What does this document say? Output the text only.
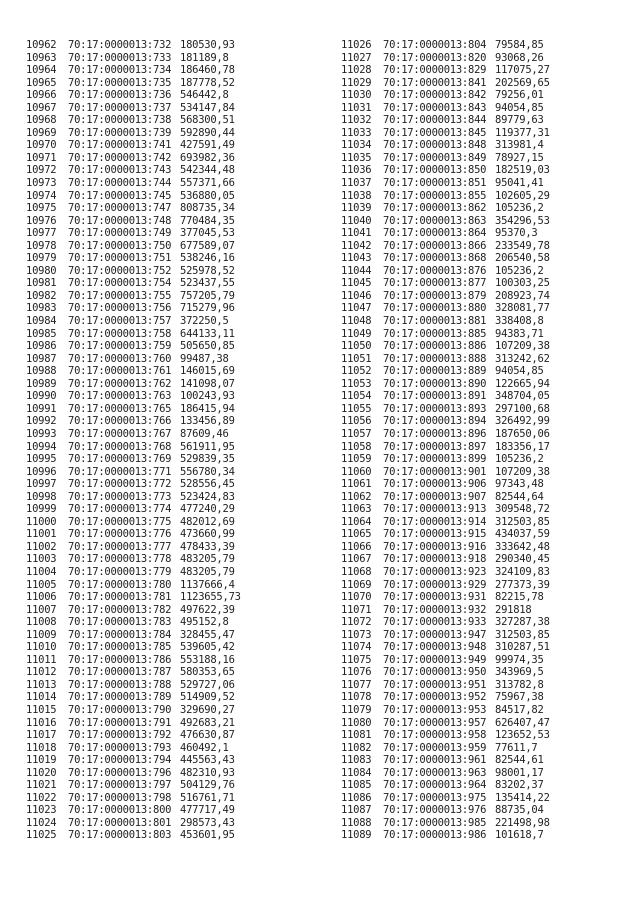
10962 70:17:0000013:732 180530,93
10963 70:17:0000013:733 181189,8
10964 70:17:0000013:734 186460,78
10965 70:17:0000013:735 187778,52
10966 70:17:0000013:736 546442,8
10967 70:17:0000013:737 534147,84
10968 70:17:0000013:738 568300,51
10969 70:17:0000013:739 592890,44
10970 70:17:0000013:741 427591,49
10971 70:17:0000013:742 693982,36
10972 70:17:0000013:743 542344,48
10973 70:17:0000013:744 557371,66
10974 70:17:0000013:745 536880,05
10975 70:17:0000013:747 808735,34
10976 70:17:0000013:748 770484,35
10977 70:17:0000013:749 377045,53
10978 70:17:0000013:750 677589,07
10979 70:17:0000013:751 538246,16
10980 70:17:0000013:752 525978,52
10981 70:17:0000013:754 523437,55
10982 70:17:0000013:755 757205,79
10983 70:17:0000013:756 715279,96
10984 70:17:0000013:757 372250,5
10985 70:17:0000013:758 644133,11
10986 70:17:0000013:759 505650,85
10987 70:17:0000013:760 99487,38
10988 70:17:0000013:761 146015,69
10989 70:17:0000013:762 141098,07
10990 70:17:0000013:763 100243,93
10991 70:17:0000013:765 186415,94
10992 70:17:0000013:766 133456,89
10993 70:17:0000013:767 87609,46
10994 70:17:0000013:768 561911,95
10995 70:17:0000013:769 529839,35
10996 70:17:0000013:771 556780,34
10997 70:17:0000013:772 528556,45
10998 70:17:0000013:773 523424,83
10999 70:17:0000013:774 477240,29
11000 70:17:0000013:775 482012,69
11001 70:17:0000013:776 473660,99
11002 70:17:0000013:777 478433,39
11003 70:17:0000013:778 483205,79
11004 70:17:0000013:779 483205,79
11005 70:17:0000013:780 1137666,4
11006 70:17:0000013:781 1123655,73
11007 70:17:0000013:782 497622,39
11008 70:17:0000013:783 495152,8
11009 70:17:0000013:784 328455,47
11010 70:17:0000013:785 539605,42
11011 70:17:0000013:786 553188,16
11012 70:17:0000013:787 580353,65
11013 70:17:0000013:788 529727,06
11014 70:17:0000013:789 514909,52
11015 70:17:0000013:790 329690,27
11016 70:17:0000013:791 492683,21
11017 70:17:0000013:792 476630,87
11018 70:17:0000013:793 460492,1
11019 70:17:0000013:794 445563,43
11020 70:17:0000013:796 482310,93
11021 70:17:0000013:797 504129,76
11022 70:17:0000013:798 516761,71
11023 70:17:0000013:800 477717,49
11024 70:17:0000013:801 298573,43
11025 70:17:0000013:803 453601,95
11026 70:17:0000013:804 79584,85
11027 70:17:0000013:820 93068,26
11028 70:17:0000013:829 117075,27
11029 70:17:0000013:841 202569,65
11030 70:17:0000013:842 79256,01
11031 70:17:0000013:843 94054,85
11032 70:17:0000013:844 89779,63
11033 70:17:0000013:845 119377,31
11034 70:17:0000013:848 313981,4
11035 70:17:0000013:849 78927,15
11036 70:17:0000013:850 182519,03
11037 70:17:0000013:851 95041,41
11038 70:17:0000013:855 102605,29
11039 70:17:0000013:862 105236,2
11040 70:17:0000013:863 354296,53
11041 70:17:0000013:864 95370,3
11042 70:17:0000013:866 233549,78
11043 70:17:0000013:868 206540,58
11044 70:17:0000013:876 105236,2
11045 70:17:0000013:877 100303,25
11046 70:17:0000013:879 208923,74
11047 70:17:0000013:880 328081,77
11048 70:17:0000013:881 338408,8
11049 70:17:0000013:885 94383,71
11050 70:17:0000013:886 107209,38
11051 70:17:0000013:888 313242,62
11052 70:17:0000013:889 94054,85
11053 70:17:0000013:890 122665,94
11054 70:17:0000013:891 348704,05
11055 70:17:0000013:893 297100,68
11056 70:17:0000013:894 326492,99
11057 70:17:0000013:896 187650,06
11058 70:17:0000013:897 183356,17
11059 70:17:0000013:899 105236,2
11060 70:17:0000013:901 107209,38
11061 70:17:0000013:906 97343,48
11062 70:17:0000013:907 82544,64
11063 70:17:0000013:913 309548,72
11064 70:17:0000013:914 312503,85
11065 70:17:0000013:915 434037,59
11066 70:17:0000013:916 333642,48
11067 70:17:0000013:918 290340,45
11068 70:17:0000013:923 324109,83
11069 70:17:0000013:929 277373,39
11070 70:17:0000013:931 82215,78
11071 70:17:0000013:932 291818
11072 70:17:0000013:933 327287,38
11073 70:17:0000013:947 312503,85
11074 70:17:0000013:948 310287,51
11075 70:17:0000013:949 99974,35
11076 70:17:0000013:950 343969,5
11077 70:17:0000013:951 313782,8
11078 70:17:0000013:952 75967,38
11079 70:17:0000013:953 84517,82
11080 70:17:0000013:957 626407,47
11081 70:17:0000013:958 123652,53
11082 70:17:0000013:959 77611,7
11083 70:17:0000013:961 82544,61
11084 70:17:0000013:963 98001,17
11085 70:17:0000013:964 83202,37
11086 70:17:0000013:975 135414,22
11087 70:17:0000013:976 88735,04
11088 70:17:0000013:985 221498,98
11089 70:17:0000013:986 101618,7
